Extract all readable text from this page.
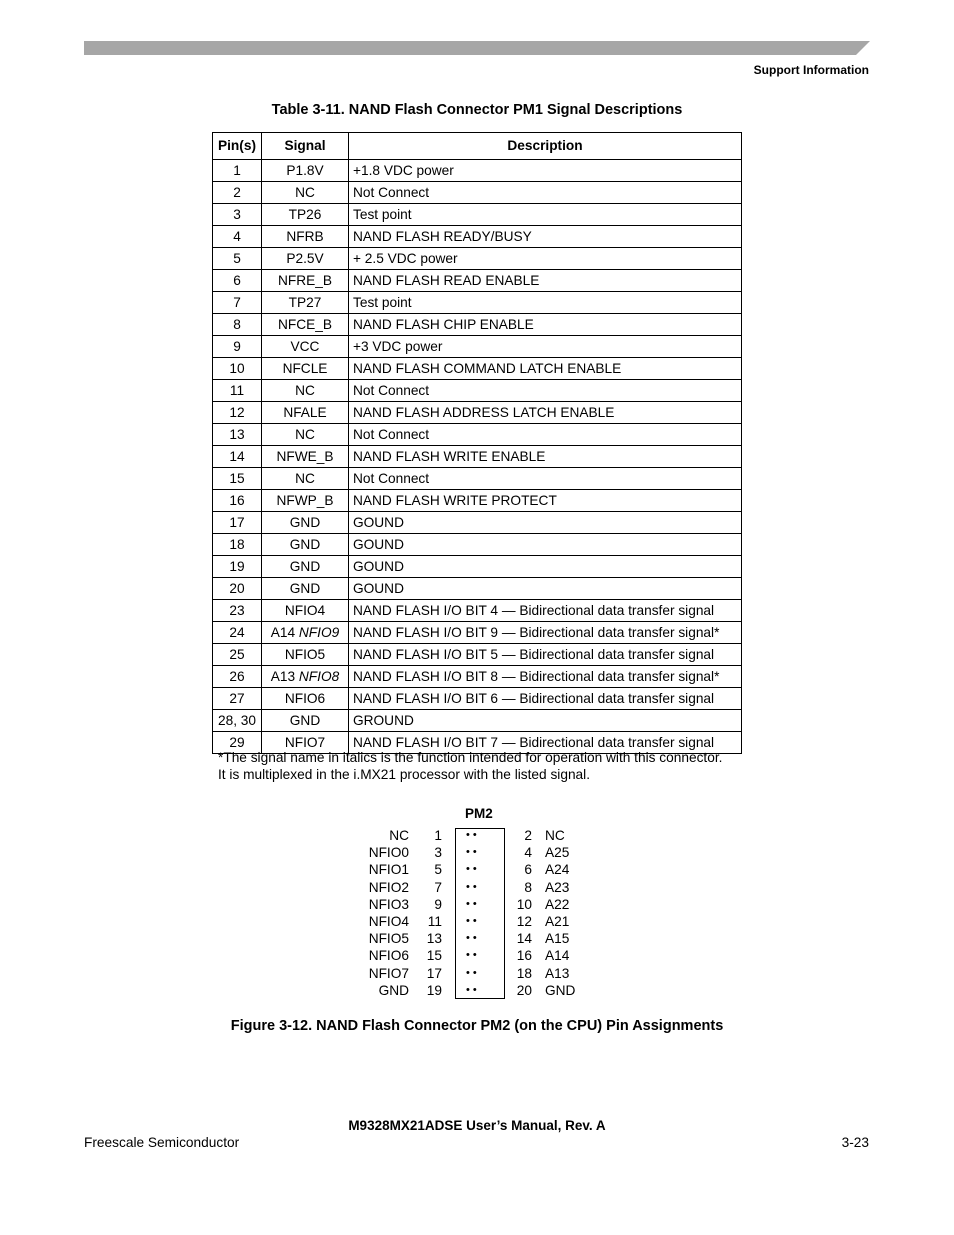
Support Information
Table 3-11. NAND Flash Connector PM1 Signal Descriptions
Pin(s)	Signal	Description
1	P1.8V	+1.8 VDC power
2	NC	Not Connect
3	TP26	Test point
4	NFRB	NAND FLASH READY/BUSY
5	P2.5V	+ 2.5 VDC power
6	NFRE_B	NAND FLASH READ ENABLE
7	TP27	Test point
8	NFCE_B	NAND FLASH CHIP ENABLE
9	VCC	+3 VDC power
10	NFCLE	NAND FLASH COMMAND LATCH ENABLE
11	NC	Not Connect
12	NFALE	NAND FLASH ADDRESS LATCH ENABLE
13	NC	Not Connect
14	NFWE_B	NAND FLASH WRITE ENABLE
15	NC	Not Connect
16	NFWP_B	NAND FLASH WRITE PROTECT
17	GND	GOUND
18	GND	GOUND
19	GND	GOUND
20	GND	GOUND
23	NFIO4	NAND FLASH I/O BIT 4 — Bidirectional data transfer signal
24	A14 NFIO9	NAND FLASH I/O BIT 9 — Bidirectional data transfer signal*
25	NFIO5	NAND FLASH I/O BIT 5 — Bidirectional data transfer signal
26	A13 NFIO8	NAND FLASH I/O BIT 8 — Bidirectional data transfer signal*
27	NFIO6	NAND FLASH I/O BIT 6 — Bidirectional data transfer signal
28, 30	GND	GROUND
29	NFIO7	NAND FLASH I/O BIT 7 — Bidirectional data transfer signal
*The signal name in italics is the function intended for operation with this connector.
It is multiplexed in the i.MX21 processor with the listed signal.
PM2
NC	1 • •	2 NC
NFIO0	3 • •	4 A25
NFIO1	5 • •	6 A24
NFIO2	7 • •	8 A23
NFIO3	9 • •	10 A22
NFIO4	11 • •	12 A21
NFIO5	13 • •	14 A15
NFIO6	15 • •	16 A14
NFIO7	17 • •	18 A13
GND	19 • •	20 GND
Figure 3-12. NAND Flash Connector PM2 (on the CPU) Pin Assignments
M9328MX21ADSE User’s Manual, Rev. A
Freescale Semiconductor	3-23
